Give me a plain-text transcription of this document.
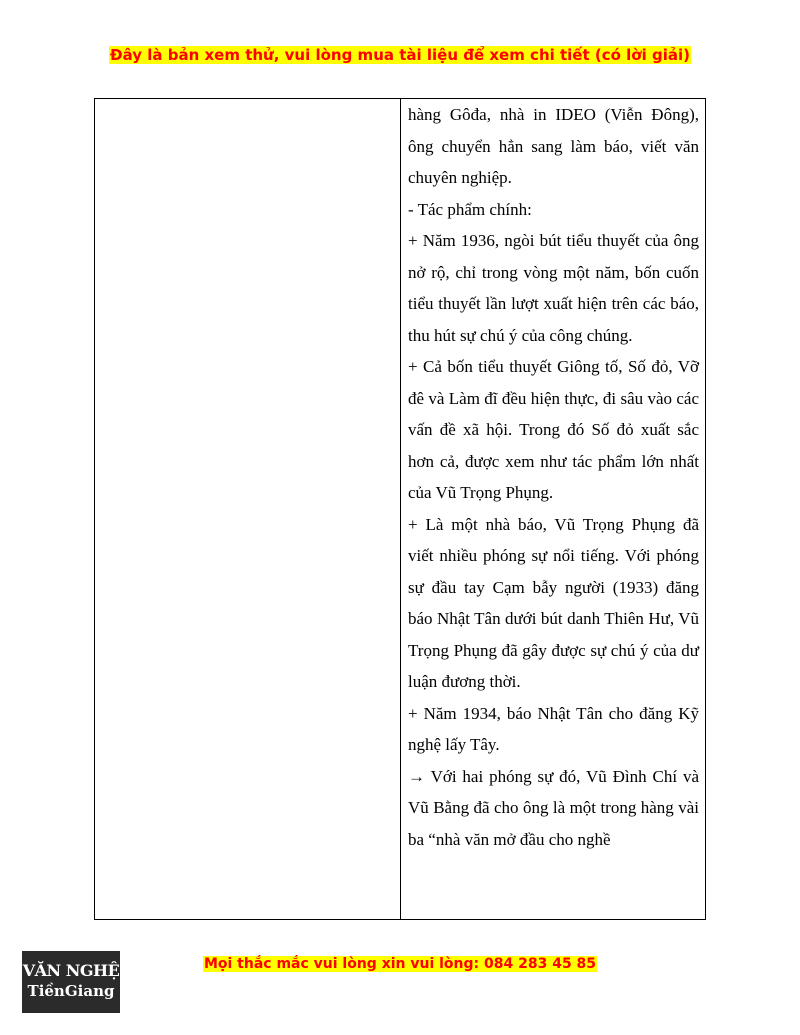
Đây là bản xem thử, vui lòng mua tài liệu để xem chi tiết (có lời giải)

hàng Gôđa, nhà in IDEO (Viễn Đông), ông chuyển hẳn sang làm báo, viết văn chuyên nghiệp.

- Tác phẩm chính:

+ Năm 1936, ngòi bút tiểu thuyết của ông nở rộ, chỉ trong vòng một năm, bốn cuốn tiểu thuyết lần lượt xuất hiện trên các báo, thu hút sự chú ý của công chúng.

+ Cả bốn tiểu thuyết Giông tố, Số đỏ, Vỡ đê và Làm đĩ đều hiện thực, đi sâu vào các vấn đề xã hội. Trong đó Số đỏ xuất sắc hơn cả, được xem như tác phẩm lớn nhất của Vũ Trọng Phụng.

+ Là một nhà báo, Vũ Trọng Phụng đã viết nhiều phóng sự nổi tiếng. Với phóng sự đầu tay Cạm bẫy người (1933) đăng báo Nhật Tân dưới bút danh Thiên Hư, Vũ Trọng Phụng đã gây được sự chú ý của dư luận đương thời.

+ Năm 1934, báo Nhật Tân cho đăng Kỹ nghệ lấy Tây.

→ Với hai phóng sự đó, Vũ Đình Chí và Vũ Bằng đã cho ông là một trong hàng vài ba “nhà văn mở đầu cho nghề

VĂN NGHỆ
TiềnGiang
Mọi thắc mắc vui lòng xin vui lòng: 084 283 45 85
